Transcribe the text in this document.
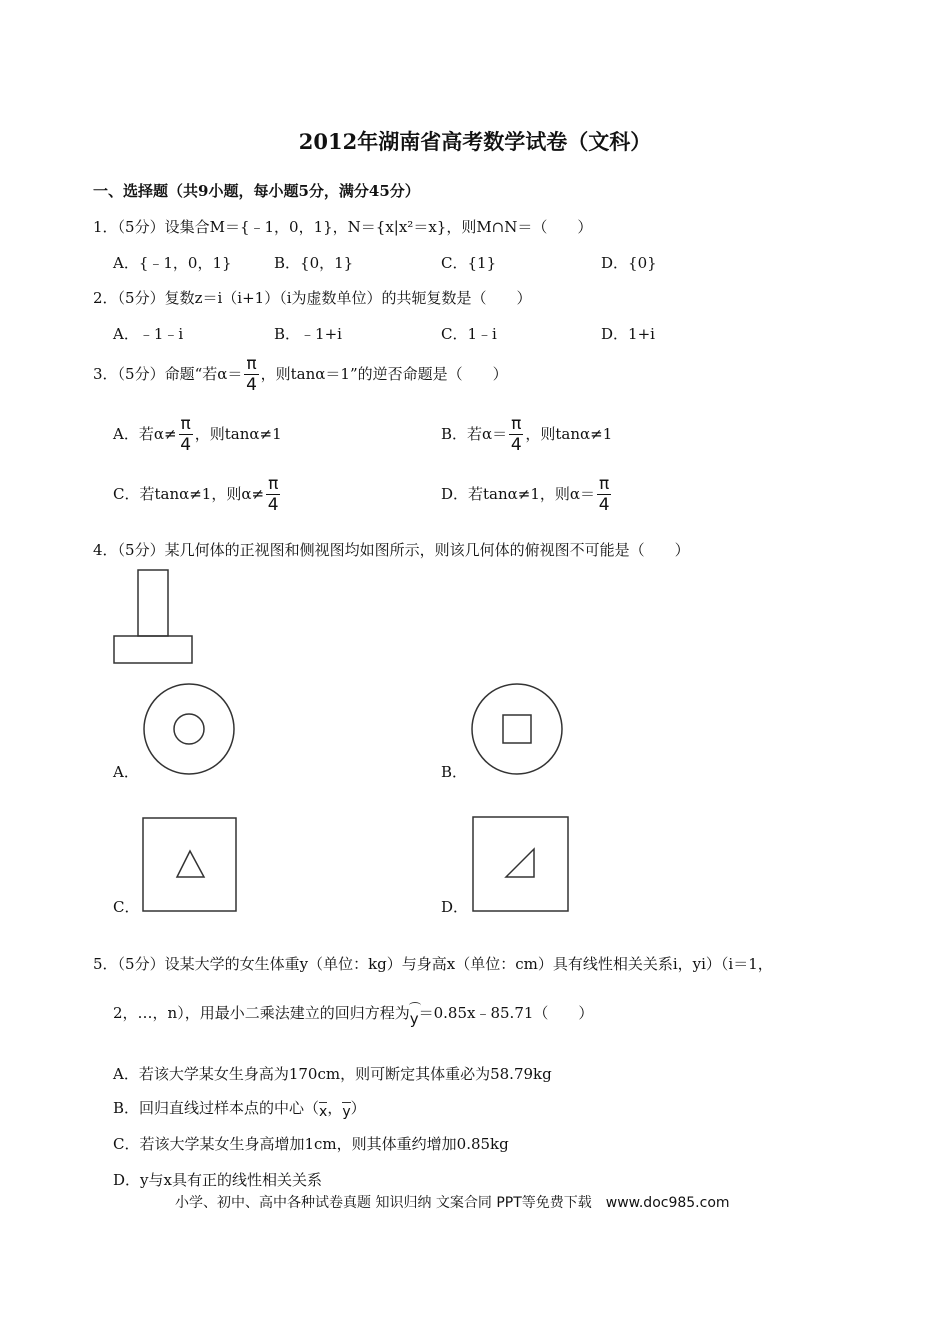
2012年湖南省高考数学试卷（文科）
一、选择题（共9小题，每小题5分，满分45分）
1．（5分）设集合M＝{﹣1，0，1}，N＝{x|x²＝x}，则M∩N＝（　　）
A．{﹣1，0，1}	B．{0，1}	C．{1}	D．{0}
2．（5分）复数z＝i（i+1）（i为虚数单位）的共轭复数是（　　）
A．﹣1﹣i	B．﹣1+i	C．1﹣i	D．1+i
3．（5分）命题“若$\alpha= \frac{\pi}{4}$ ，则tanα＝1”的逆否命题是（　　）
A．若$\alpha\ne \frac{\pi}{4}$ ，则tanα≠1	B．若$\alpha= \frac{\pi}{4}$ ，则tanα≠1
C．若tanα≠1，则$\alpha\ne \frac{\pi}{4}$	D．若tanα≠1，则$\alpha= \frac{\pi}{4}$
4．（5分）某几何体的正视图和侧视图均如图所示，则该几何体的俯视图不可能是（　　）
A．	B．
C．	D．
5．（5分）设某大学的女生体重y（单位：kg）与身高x（单位：cm）具有线性相关关系i，yi）（i＝1，
2，…，n），用最小二乘法建立的回归方程为y＝0.85x﹣85.71（　　）
A．若该大学某女生身高为170cm，则可断定其体重必为58.79kg
B．回归直线过样本点的中心（x，y）
C．若该大学某女生身高增加1cm，则其体重约增加0.85kg
D．y与x具有正的线性相关关系
小学、初中、高中各种试卷真题 知识归纳 文案合同 PPT等免费下载　www.doc985.com
